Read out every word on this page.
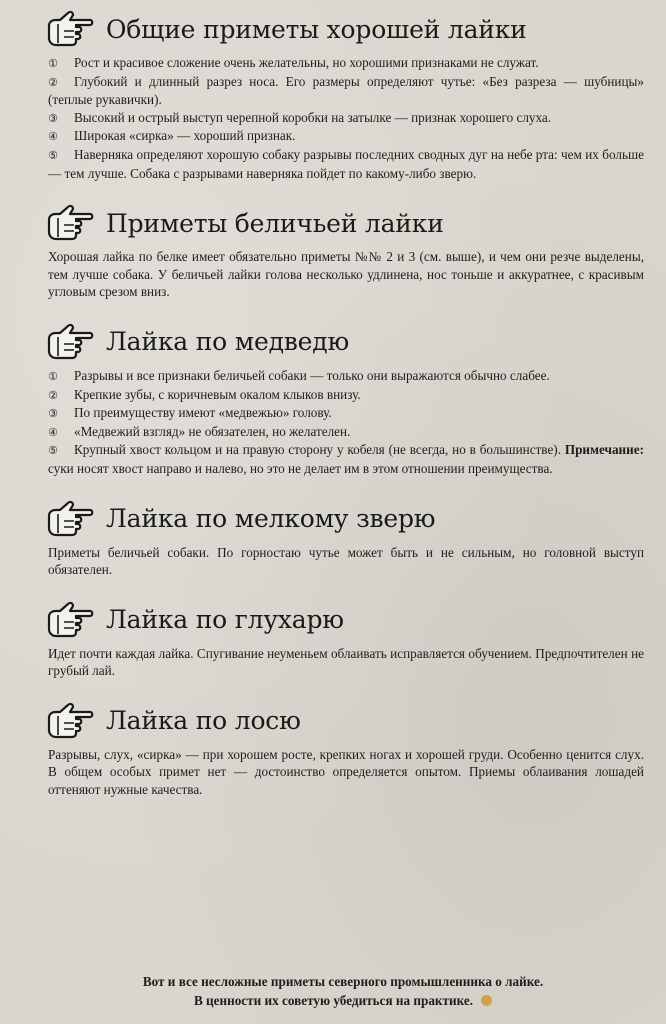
Общие приметы хорошей лайки

① Рост и красивое сложение очень желательны, но хорошими признаками не служат.

② Глубокий и длинный разрез носа. Его размеры определяют чутье: «Без разреза — шубницы» (теплые рукавички).

③ Высокий и острый выступ черепной коробки на затылке — признак хорошего слуха.

④ Широкая «сирка» — хороший признак.

⑤ Наверняка определяют хорошую собаку разрывы последних сводных дуг на небе рта: чем их больше — тем лучше. Собака с разрывами наверняка пойдет по какому-либо зверю.

Приметы беличьей лайки

Хорошая лайка по белке имеет обязательно приметы №№ 2 и 3 (см. выше), и чем они резче выделены, тем лучше собака. У беличьей лайки голова несколько удлинена, нос тоньше и аккуратнее, с красивым угловым срезом вниз.

Лайка по медведю

① Разрывы и все признаки беличьей собаки — только они выражаются обычно слабее.

② Крепкие зубы, с коричневым окалом клыков внизу.

③ По преимуществу имеют «медвежью» голову.

④ «Медвежий взгляд» не обязателен, но желателен.

⑤ Крупный хвост кольцом и на правую сторону у кобеля (не всегда, но в большинстве). Примечание: суки носят хвост направо и налево, но это не делает им в этом отношении преимущества.

Лайка по мелкому зверю

Приметы беличьей собаки. По горностаю чутье может быть и не сильным, но головной выступ обязателен.

Лайка по глухарю

Идет почти каждая лайка. Спугивание неуменьем облаивать исправляется обучением. Предпочтителен не грубый лай.

Лайка по лосю

Разрывы, слух, «сирка» — при хорошем росте, крепких ногах и хорошей груди. Особенно ценится слух. В общем особых примет нет — достоинство определяется опытом. Приемы облаивания лошадей оттеняют нужные качества.

Вот и все несложные приметы северного промышленника о лайке.
В ценности их советую убедиться на практике.
